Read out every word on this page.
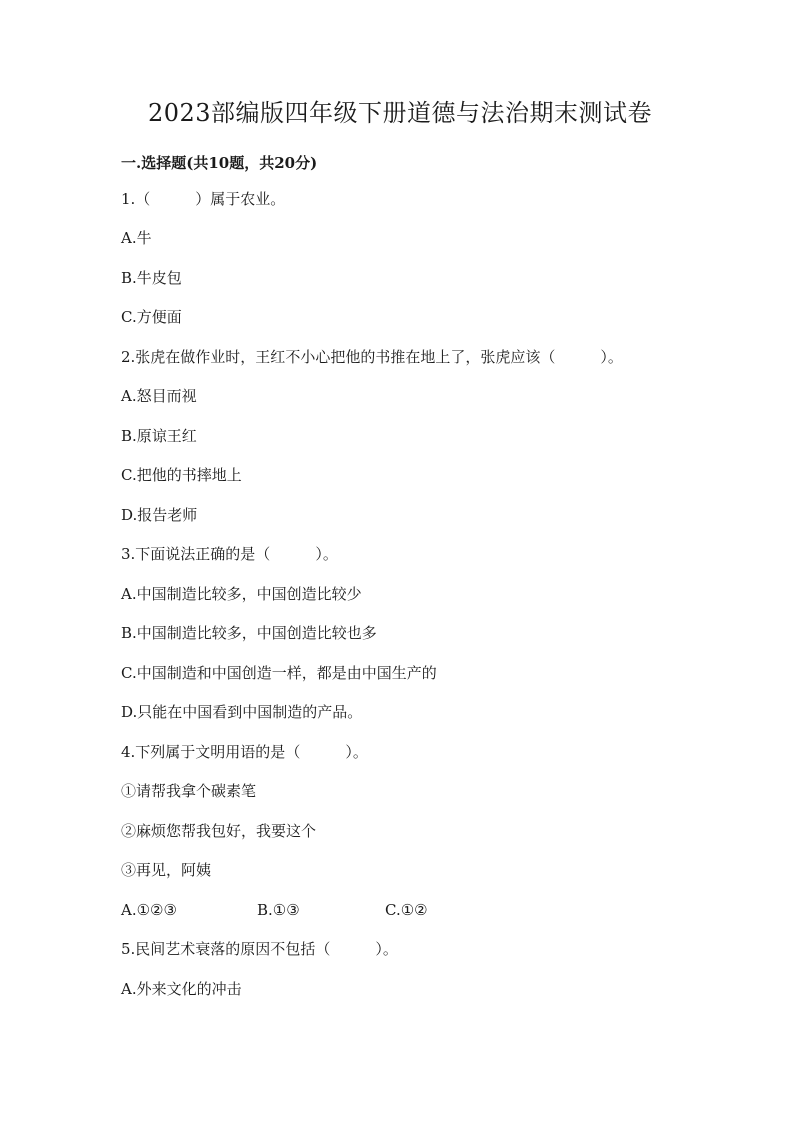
2023部编版四年级下册道德与法治期末测试卷
一.选择题(共10题，共20分)
1.（　　　）属于农业。
A.牛
B.牛皮包
C.方便面
2.张虎在做作业时，王红不小心把他的书推在地上了，张虎应该（　　　）。
A.怒目而视
B.原谅王红
C.把他的书摔地上
D.报告老师
3.下面说法正确的是（　　　）。
A.中国制造比较多，中国创造比较少
B.中国制造比较多，中国创造比较也多
C.中国制造和中国创造一样，都是由中国生产的
D.只能在中国看到中国制造的产品。
4.下列属于文明用语的是（　　　）。
①请帮我拿个碳素笔
②麻烦您帮我包好，我要这个
③再见，阿姨
A.①②③	B.①③	C.①②
5.民间艺术衰落的原因不包括（　　　）。
A.外来文化的冲击
